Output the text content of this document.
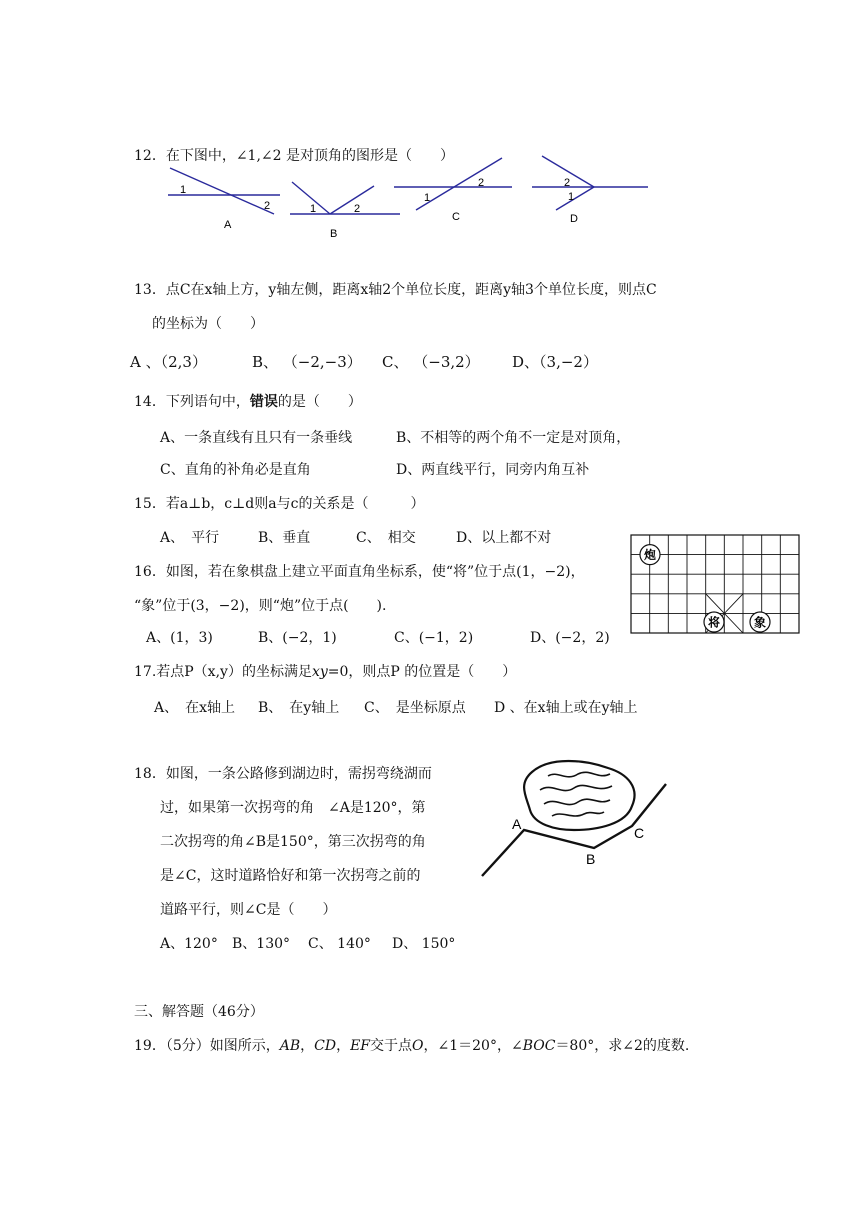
12．在下图中，∠1,∠2 是对顶角的图形是（　　）
1
2
A
1	2
B
1
2
C
2
1
D
13．点C在x轴上方，y轴左侧，距离x轴2个单位长度，距离y轴3个单位长度，则点C
的坐标为（　　）
A 、（2,3）	B、 （−2,−3） C、 （−3,2） D、（3,−2）
14．下列语句中，错误的是（　　）
A、一条直线有且只有一条垂线	B、不相等的两个角不一定是对顶角，
C、直角的补角必是直角	D、两直线平行，同旁内角互补
15．若a⊥b，c⊥d则a与c的关系是（　　　）
A、　平行	B、垂直	C、　相交	D、以上都不对
炮
将	象
16．如图，若在象棋盘上建立平面直角坐标系，使“将”位于点(1，−2)，
“象”位于(3，−2)，则“炮”位于点(　　).
A、(1，3)	B、(−2，1)	C、(−1，2)	D、(−2，2)
17.若点P（x,y）的坐标满足xy=0，则点P 的位置是（　　）
A、　在x轴上 B、　在y轴上 C、　是坐标原点 D 、在x轴上或在y轴上
18．如图，一条公路修到湖边时，需拐弯绕湖而
过，如果第一次拐弯的角　∠A是120°，第
二次拐弯的角∠B是150°，第三次拐弯的角
是∠C，这时道路恰好和第一次拐弯之前的
道路平行，则∠C是（　　）
A、120° B、130° C、 140° D、 150°
A
B
C
三、解答题（46分）
19．（5分）如图所示，AB，CD，EF交于点O，∠1＝20°，∠BOC＝80°，求∠2的度数.
